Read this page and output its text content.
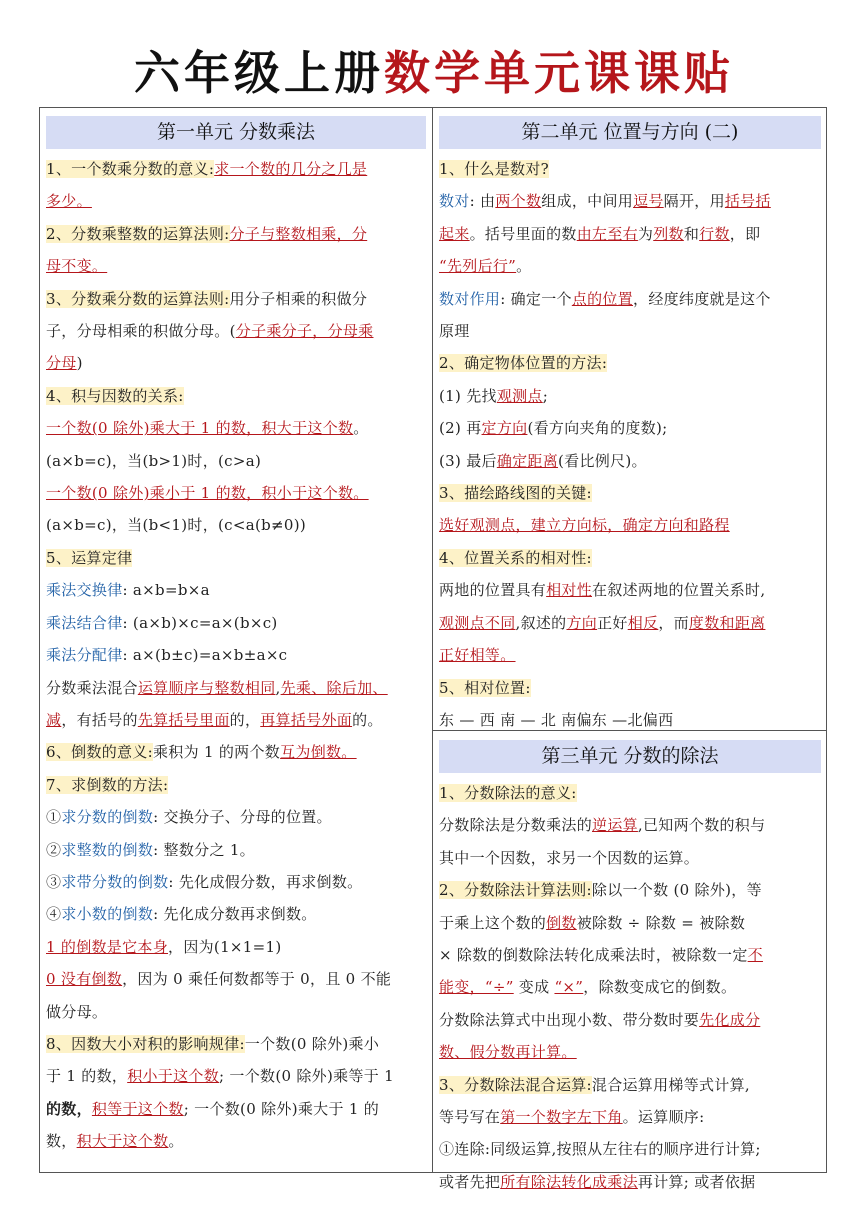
六年级上册数学单元课课贴
第一单元 分数乘法
1、一个数乘分数的意义:求一个数的几分之几是
多少。
2、分数乘整数的运算法则:分子与整数相乘，分
母不变。
3、分数乘分数的运算法则:用分子相乘的积做分
子，分母相乘的积做分母。(分子乘分子，分母乘
分母)
4、积与因数的关系:
一个数(0 除外)乘大于 1 的数，积大于这个数。
(a×b=c)，当(b>1)时，(c>a)
一个数(0 除外)乘小于 1 的数，积小于这个数。
(a×b=c)，当(b<1)时，(c<a(b≠0))
5、运算定律
乘法交换律: a×b=b×a
乘法结合律: (a×b)×c=a×(b×c)
乘法分配律: a×(b±c)=a×b±a×c
分数乘法混合运算顺序与整数相同,先乘、除后加、
减，有括号的先算括号里面的，再算括号外面的。
6、倒数的意义:乘积为 1 的两个数互为倒数。
7、求倒数的方法:
①求分数的倒数: 交换分子、分母的位置。
②求整数的倒数: 整数分之 1。
③求带分数的倒数: 先化成假分数，再求倒数。
④求小数的倒数: 先化成分数再求倒数。
1 的倒数是它本身，因为(1×1=1)
0 没有倒数，因为 0 乘任何数都等于 0，且 0 不能
做分母。
8、因数大小对积的影响规律:一个数(0 除外)乘小
于 1 的数，积小于这个数; 一个数(0 除外)乘等于 1
的数，积等于这个数; 一个数(0 除外)乘大于 1 的
数，积大于这个数。
第二单元 位置与方向 (二)
1、什么是数对?
数对: 由两个数组成，中间用逗号隔开，用括号括
起来。括号里面的数由左至右为列数和行数，即
“先列后行”。
数对作用: 确定一个点的位置，经度纬度就是这个
原理
2、确定物体位置的方法:
(1) 先找观测点;
(2) 再定方向(看方向夹角的度数);
(3) 最后确定距离(看比例尺)。
3、描绘路线图的关键:
选好观测点，建立方向标，确定方向和路程
4、位置关系的相对性:
两地的位置具有相对性在叙述两地的位置关系时,
观测点不同,叙述的方向正好相反，而度数和距离
正好相等。
5、相对位置:
东 — 西 南 — 北 南偏东 —北偏西
第三单元 分数的除法
1、分数除法的意义:
分数除法是分数乘法的逆运算,已知两个数的积与
其中一个因数，求另一个因数的运算。
2、分数除法计算法则:除以一个数 (0 除外)，等
于乘上这个数的倒数被除数 ÷ 除数 = 被除数
× 除数的倒数除法转化成乘法时，被除数一定不
能变，“÷” 变成 “×”，除数变成它的倒数。
分数除法算式中出现小数、带分数时要先化成分
数、假分数再计算。
3、分数除法混合运算:混合运算用梯等式计算,
等号写在第一个数字左下角。运算顺序:
①连除:同级运算,按照从左往右的顺序进行计算;
或者先把所有除法转化成乘法再计算; 或者依据
